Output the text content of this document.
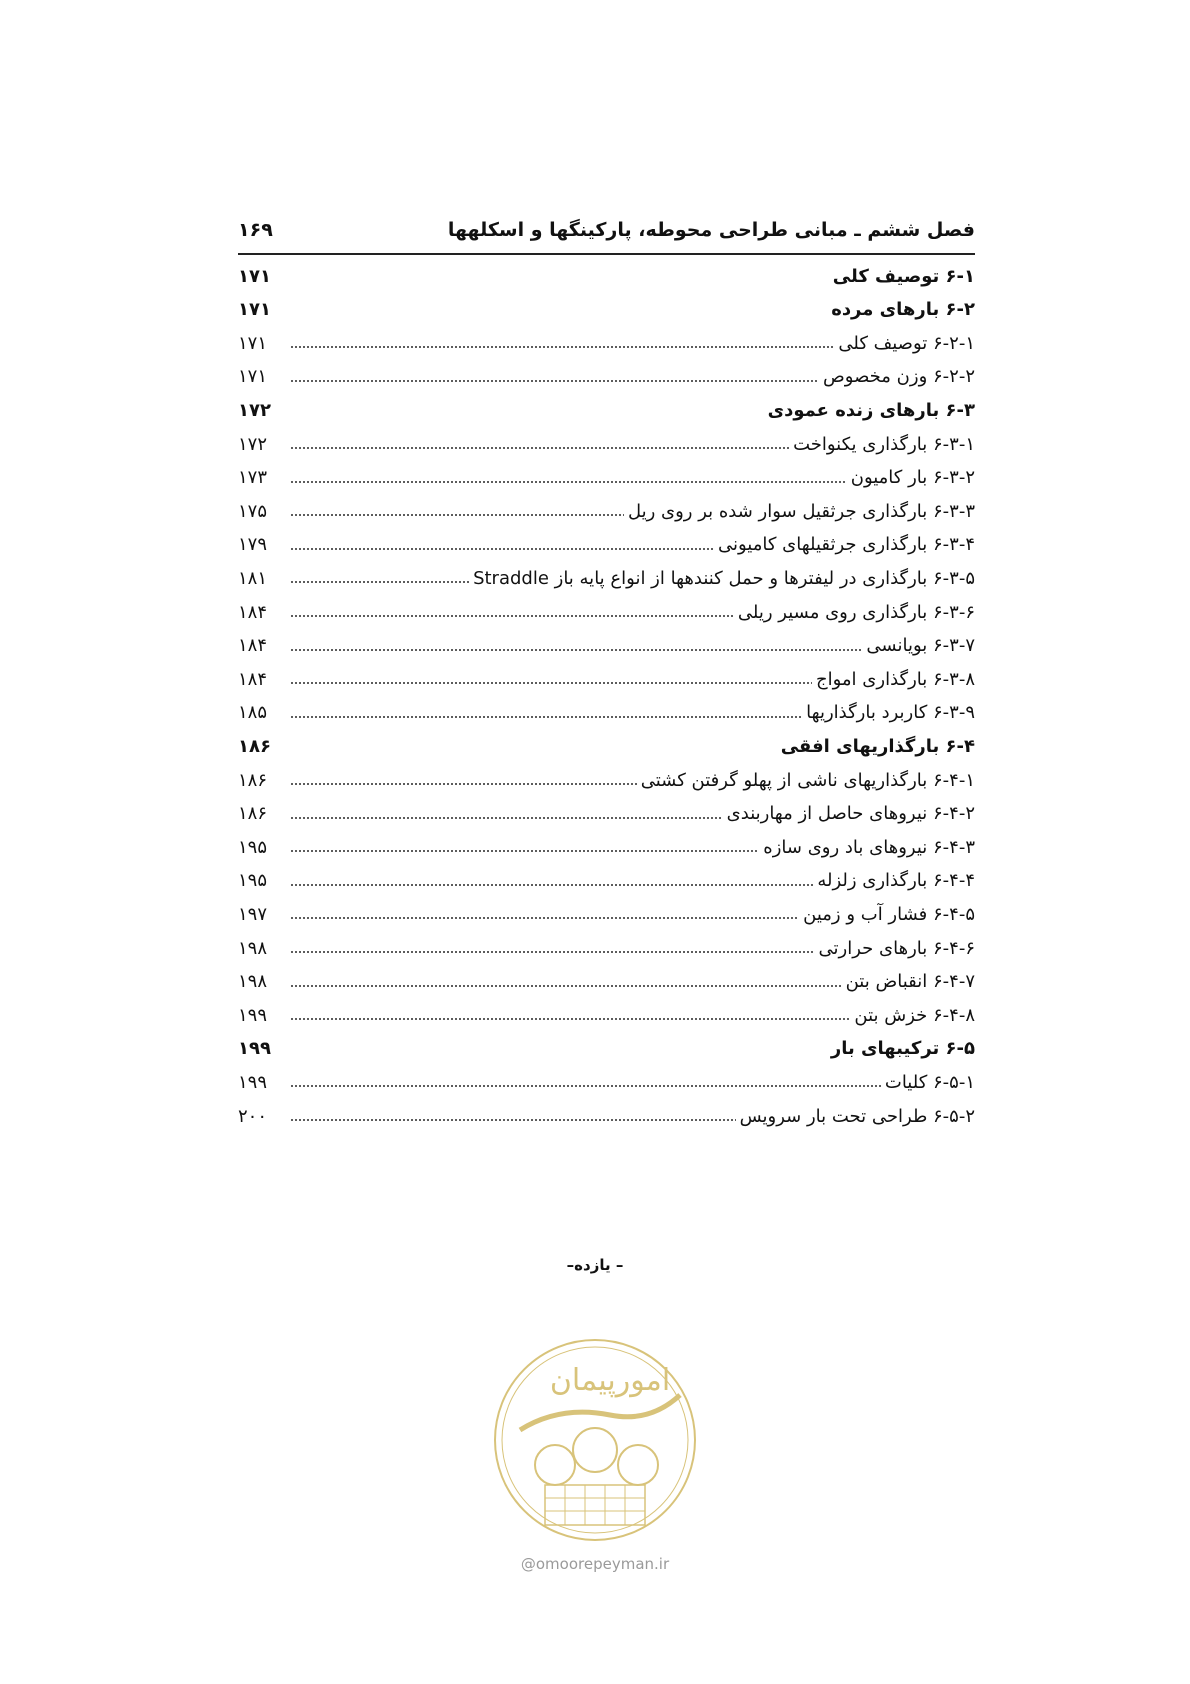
فصل ششم ـ مبانی طراحی محوطه، پارکینگها و اسکلهها
۱۶۹
۶-۱ توصیف کلی
۱۷۱
۶-۲ بارهای مرده
۱۷۱
۶-۲-۱ توصیف کلی
۱۷۱
۶-۲-۲ وزن مخصوص
۱۷۱
۶-۳ بارهای زنده عمودی
۱۷۲
۶-۳-۱ بارگذاری یکنواخت
۱۷۲
۶-۳-۲ بار کامیون
۱۷۳
۶-۳-۳ بارگذاری جرثقیل سوار شده بر روی ریل
۱۷۵
۶-۳-۴ بارگذاری جرثقیلهای کامیونی
۱۷۹
۶-۳-۵ بارگذاری در لیفترها و حمل کنندهها از انواع پایه باز Straddle
۱۸۱
۶-۳-۶ بارگذاری روی مسیر ریلی
۱۸۴
۶-۳-۷ بویانسی
۱۸۴
۶-۳-۸ بارگذاری امواج
۱۸۴
۶-۳-۹ کاربرد بارگذاریها
۱۸۵
۶-۴ بارگذاریهای افقی
۱۸۶
۶-۴-۱ بارگذاریهای ناشی از پهلو گرفتن کشتی
۱۸۶
۶-۴-۲ نیروهای حاصل از مهاربندی
۱۸۶
۶-۴-۳ نیروهای باد روی سازه
۱۹۵
۶-۴-۴ بارگذاری زلزله
۱۹۵
۶-۴-۵ فشار آب و زمین
۱۹۷
۶-۴-۶ بارهای حرارتی
۱۹۸
۶-۴-۷ انقباض بتن
۱۹۸
۶-۴-۸ خزش بتن
۱۹۹
۶-۵ ترکیبهای بار
۱۹۹
۶-۵-۱ کلیات
۱۹۹
۶-۵-۲ طراحی تحت بار سرویس
۲۰۰
– یازده–
امورپیمان
@omoorepeyman.ir
